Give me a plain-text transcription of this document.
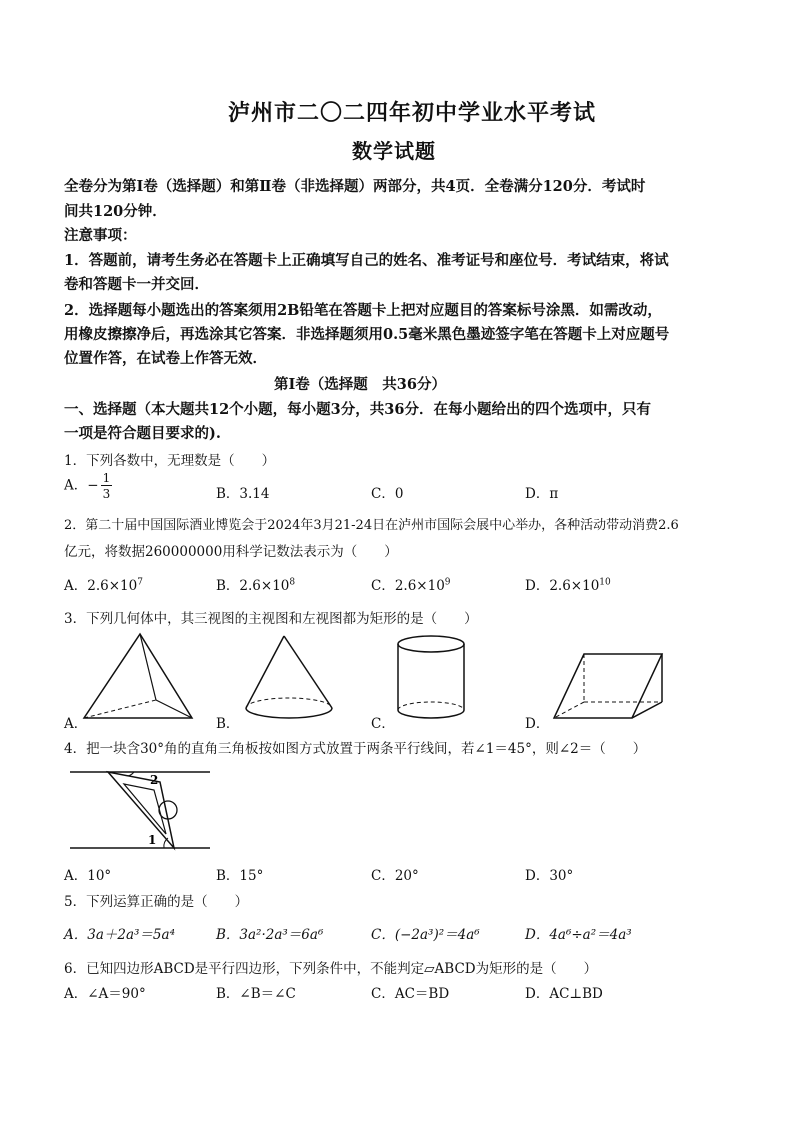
泸州市二〇二四年初中学业水平考试
数学试题
全卷分为第Ⅰ卷（选择题）和第Ⅱ卷（非选择题）两部分，共4页．全卷满分120分．考试时
间共120分钟．
注意事项：
1．答题前，请考生务必在答题卡上正确填写自己的姓名、准考证号和座位号．考试结束，将试
卷和答题卡一并交回．
2．选择题每小题选出的答案须用2B铅笔在答题卡上把对应题目的答案标号涂黑．如需改动，
用橡皮擦擦净后，再选涂其它答案．非选择题须用0.5毫米黑色墨迹签字笔在答题卡上对应题号
位置作答，在试卷上作答无效．
第Ⅰ卷（选择题　共36分）
一、选择题（本大题共12个小题，每小题3分，共36分．在每小题给出的四个选项中，只有
一项是符合题目要求的).
1．下列各数中，无理数是（　　）
A．− $\frac{1}{3}$	B．3.14	C．0	D．π
2．第二十届中国国际酒业博览会于2024年3月21-24日在泸州市国际会展中心举办，各种活动带动消费2.6
亿元，将数据260000000用科学记数法表示为（　　）
A．$2.6\times 10^7$	B．$2.6\times 10^8$	C．$2.6\times 10^9$	D．$2.6\times 10^{10}$
3．下列几何体中，其三视图的主视图和左视图都为矩形的是（　　）
A．	B．	C．	D．
4．把一块含30°角的直角三角板按如图方式放置于两条平行线间，若∠1＝45°，则∠2＝（　　）
2
1
A．10°	B．15°	C．20°	D．30°
5．下列运算正确的是（　　）
A．3a＋2a³＝5a⁴	B．3a²·2a³＝6a⁶	C．(−2a³)²＝4a⁶	D．4a⁶÷a²＝4a³
6．已知四边形ABCD是平行四边形，下列条件中，不能判定▱ABCD为矩形的是（　　）
A．∠A＝90°	B．∠B＝∠C	C．AC＝BD	D．AC⊥BD
